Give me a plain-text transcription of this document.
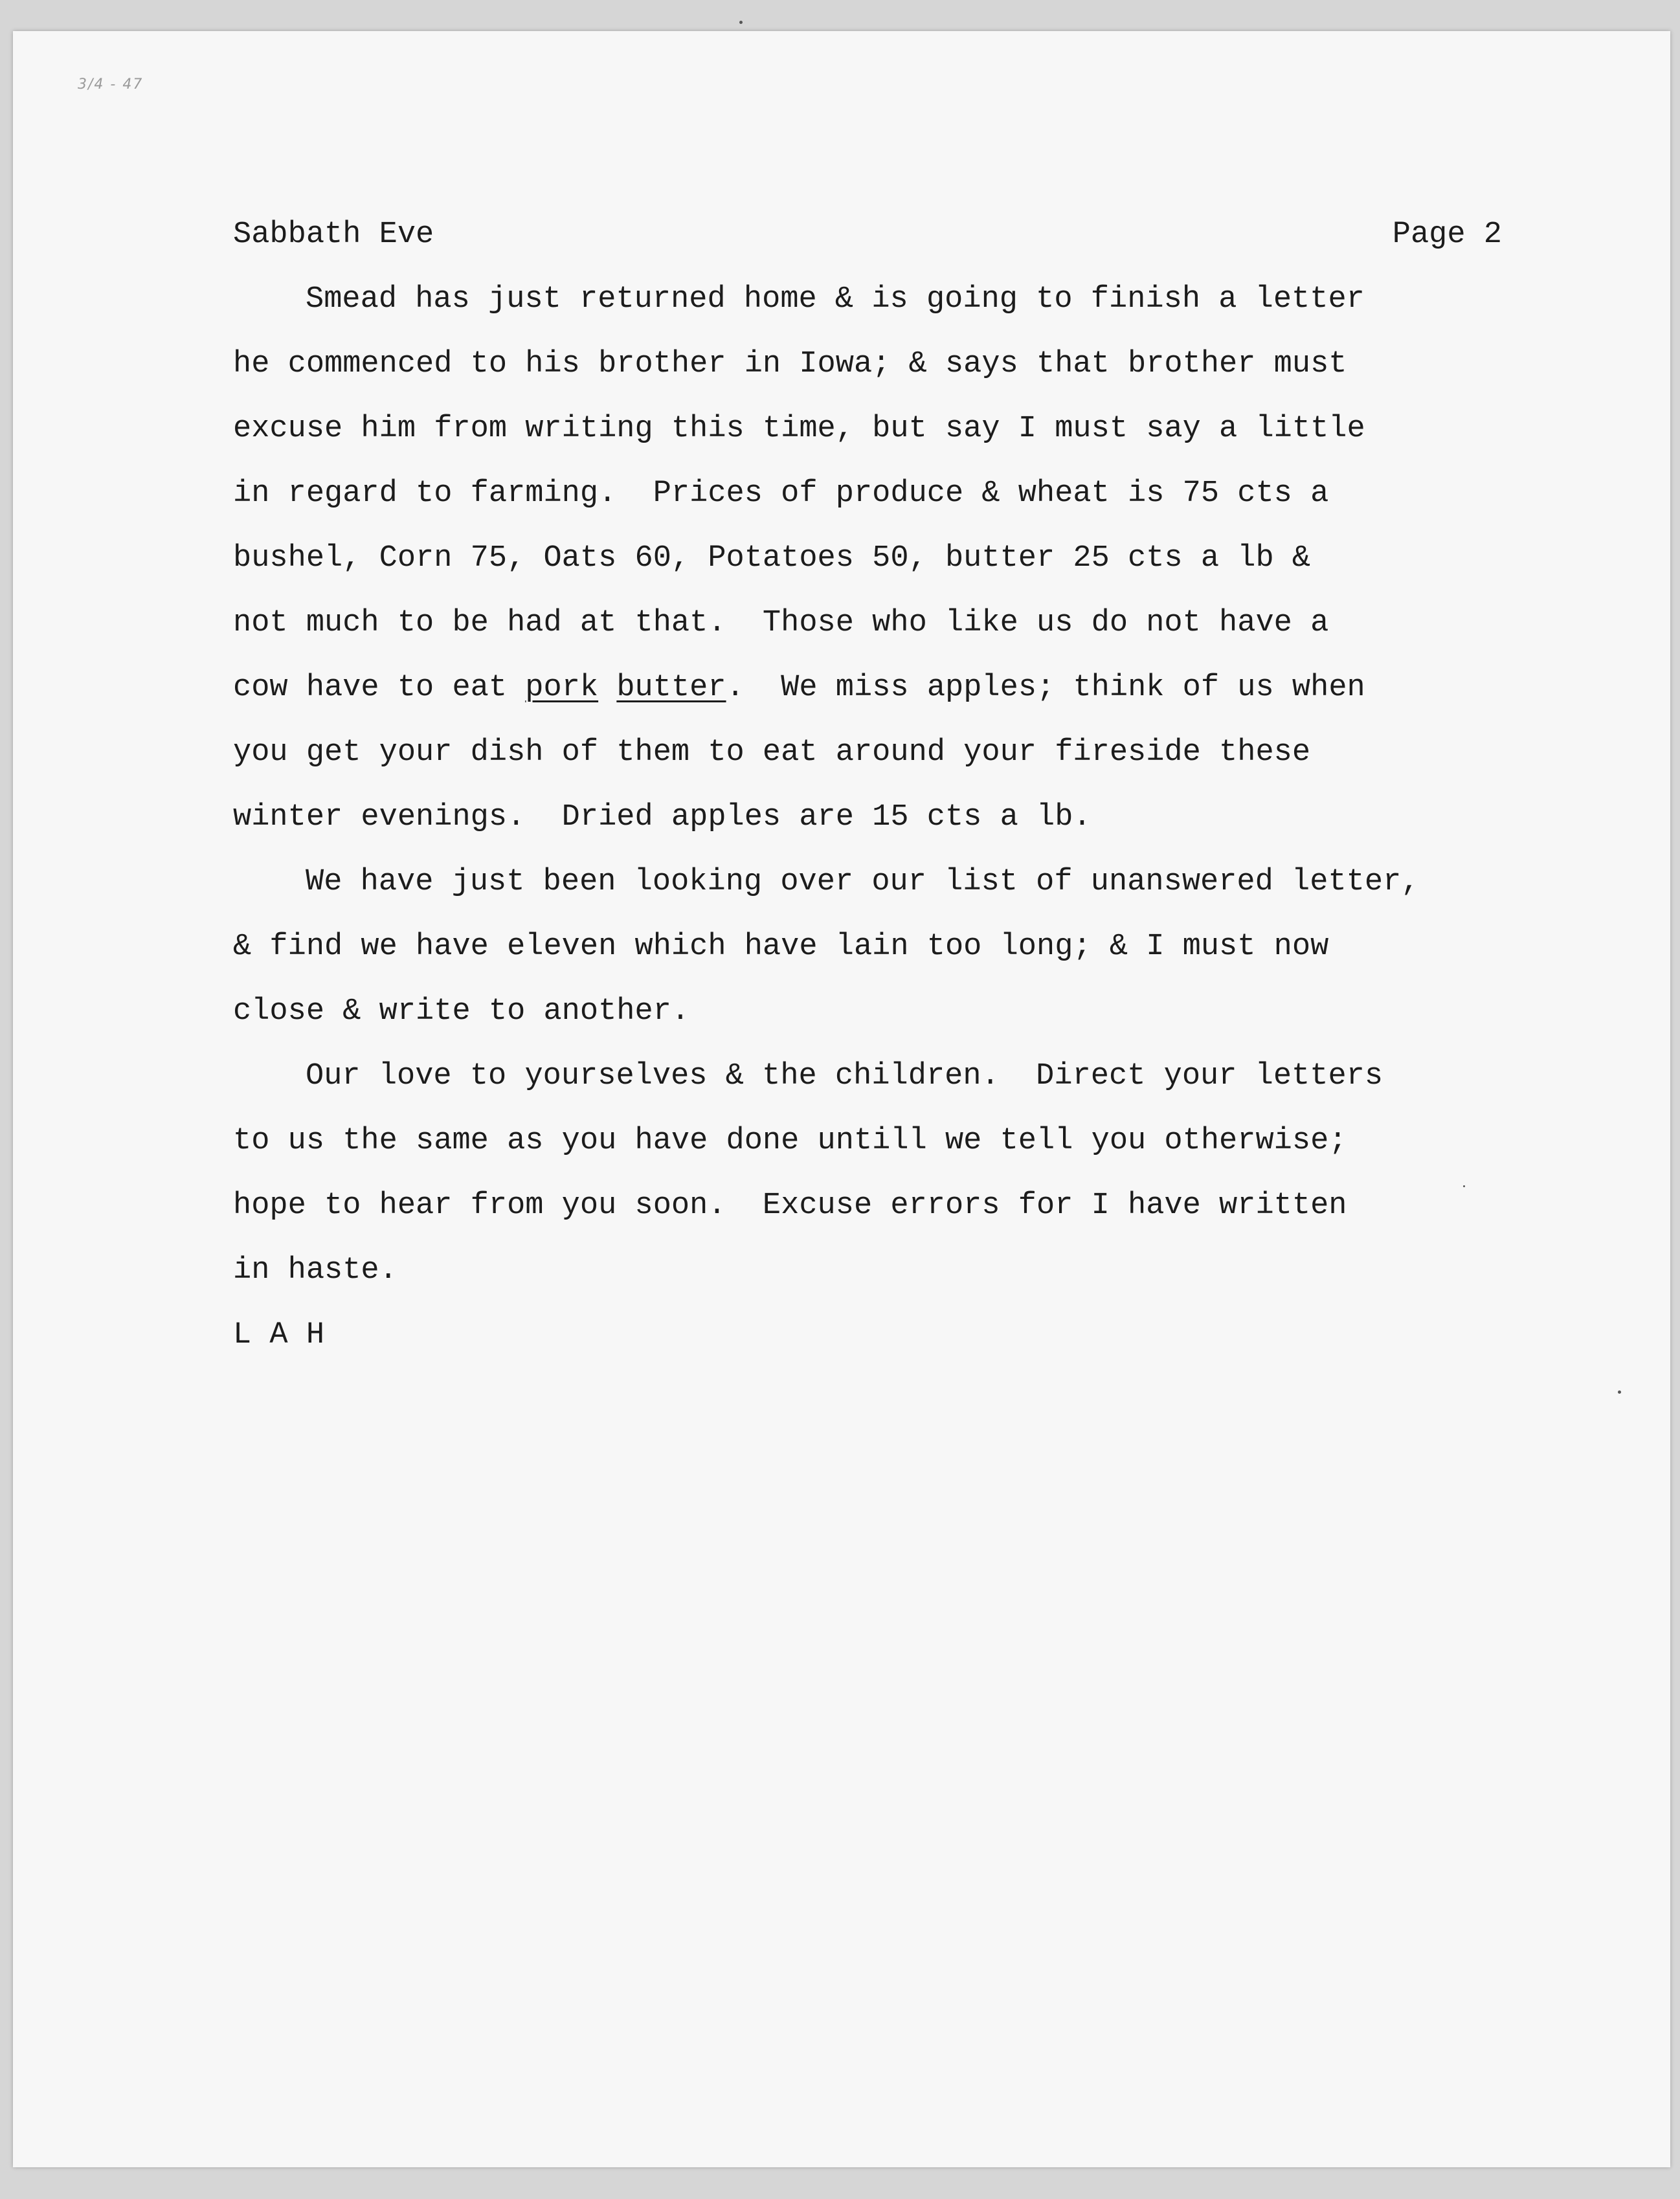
3/4 - 47
Sabbath Eve	Page 2
Smead has just returned home & is going to finish a letter
he commenced to his brother in Iowa; & says that brother must
excuse him from writing this time, but say I must say a little
in regard to farming.  Prices of produce & wheat is 75 cts a
bushel, Corn 75, Oats 60, Potatoes 50, butter 25 cts a lb &
not much to be had at that.  Those who like us do not have a
cow have to eat pork butter.  We miss apples; think of us when
you get your dish of them to eat around your fireside these
winter evenings.  Dried apples are 15 cts a lb.
We have just been looking over our list of unanswered letter,
& find we have eleven which have lain too long; & I must now
close & write to another.
Our love to yourselves & the children.  Direct your letters
to us the same as you have done untill we tell you otherwise;
hope to hear from you soon.  Excuse errors for I have written
in haste.
L A H
